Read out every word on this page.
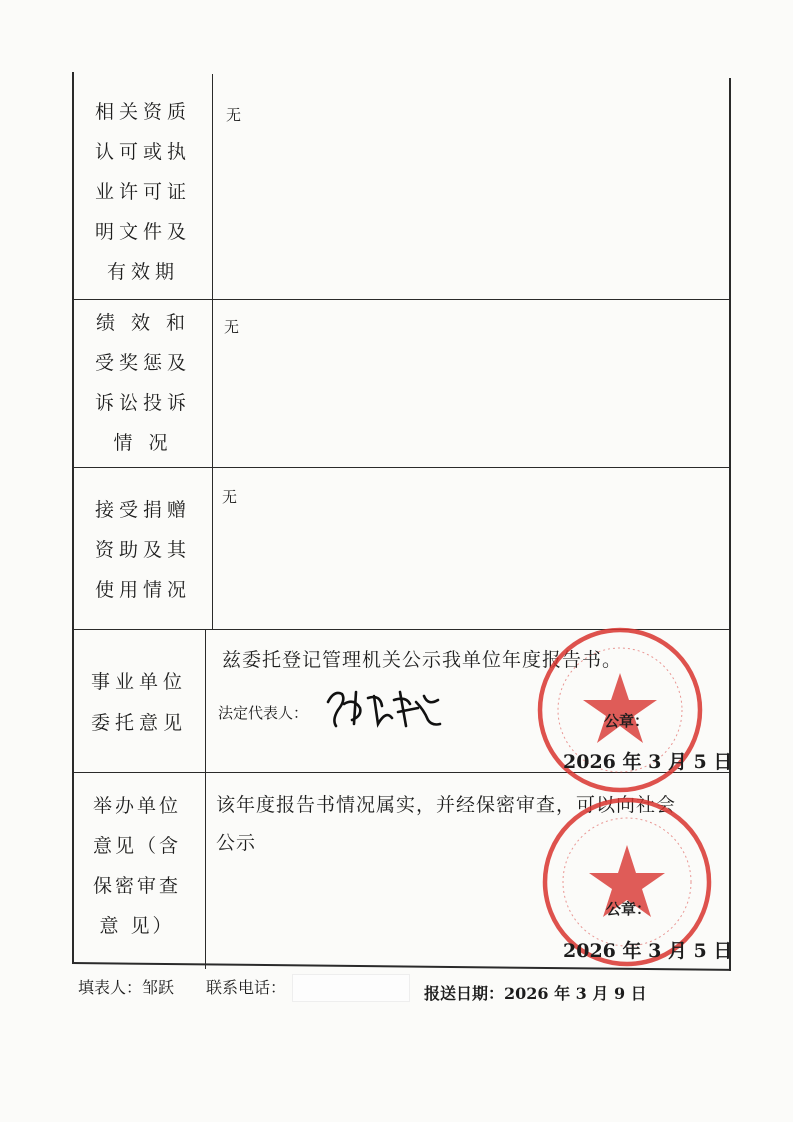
相关资质
认可或执
业许可证
明文件及
有效期
无
绩 效 和
受奖惩及
诉讼投诉
情 况
无
接受捐赠
资助及其
使用情况
无
事业单位
委托意见
兹委托登记管理机关公示我单位年度报告书。
法定代表人：	公章：
2026 年 3 月 5 日
举办单位
意见（含
保密审查
意 见）
该年度报告书情况属实，并经保密审查，可以向社会
公示
公章：
2026 年 3 月 5 日
填表人：邹跃 联系电话：	报送日期：2026 年 3 月 9 日
